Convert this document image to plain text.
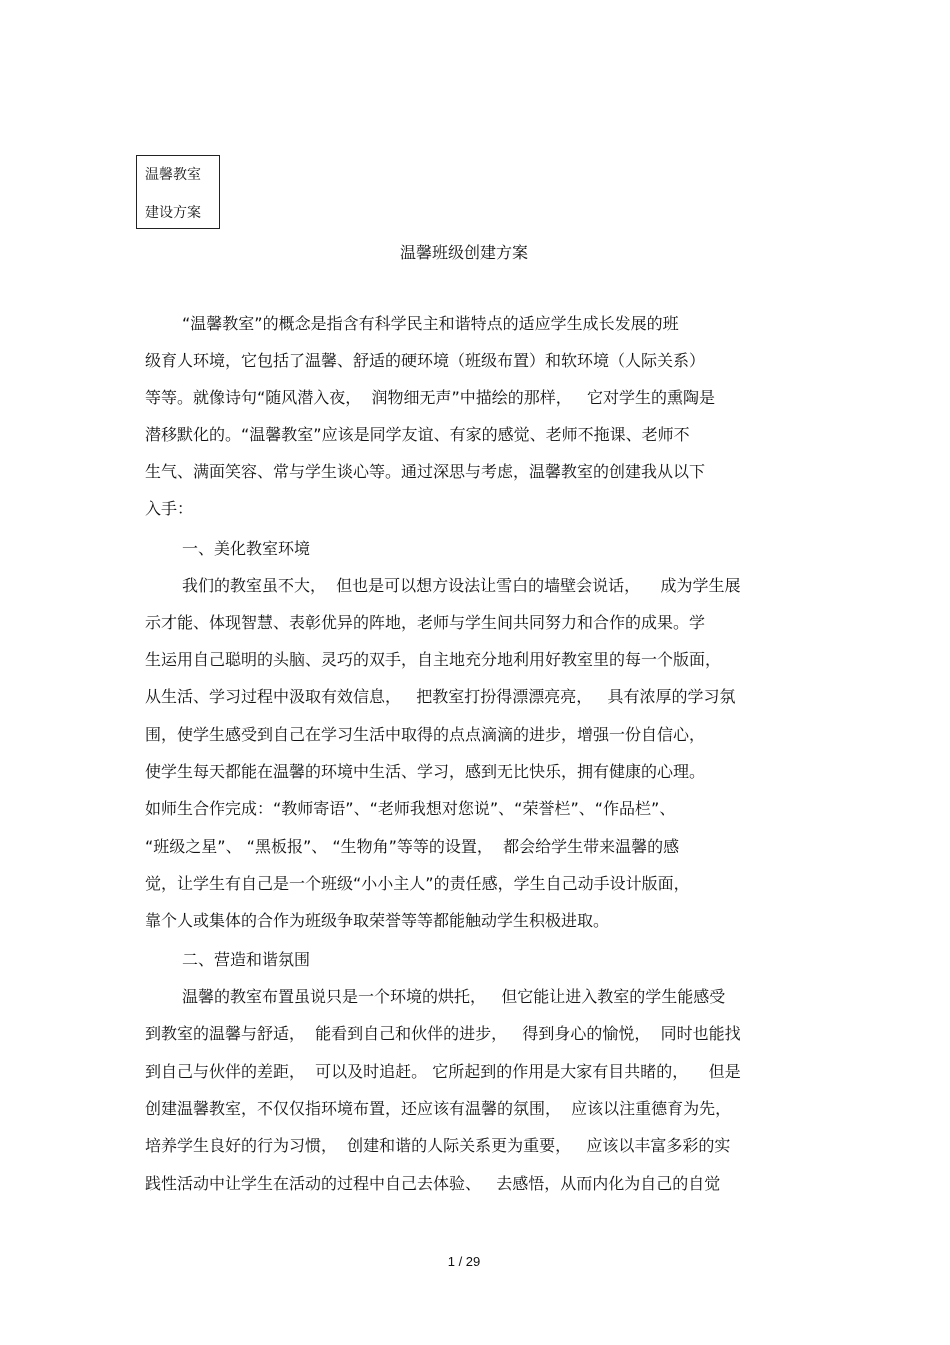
温馨教室
建设方案
温馨班级创建方案
“温馨教室”的概念是指含有科学民主和谐特点的适应学生成长发展的班
级育人环境，它包括了温馨、舒适的硬环境（班级布置）和软环境（人际关系）
等等。就像诗句“随风潜入夜，  润物细无声”中描绘的那样，   它对学生的熏陶是
潜移默化的。“温馨教室”应该是同学友谊、有家的感觉、老师不拖课、老师不
生气、满面笑容、常与学生谈心等。通过深思与考虑，温馨教室的创建我从以下
入手：
一、美化教室环境
我们的教室虽不大，  但也是可以想方设法让雪白的墙壁会说话，    成为学生展
示才能、体现智慧、表彰优异的阵地，老师与学生间共同努力和合作的成果。学
生运用自己聪明的头脑、灵巧的双手，自主地充分地利用好教室里的每一个版面，
从生活、学习过程中汲取有效信息，   把教室打扮得漂漂亮亮，   具有浓厚的学习氛
围，使学生感受到自己在学习生活中取得的点点滴滴的进步，增强一份自信心，
使学生每天都能在温馨的环境中生活、学习，感到无比快乐，拥有健康的心理。
如师生合作完成：“教师寄语”、“老师我想对您说”、“荣誉栏”、“作品栏”、
“班级之星”、 “黑板报”、 “生物角”等等的设置，  都会给学生带来温馨的感
觉，让学生有自己是一个班级“小小主人”的责任感，学生自己动手设计版面，
靠个人或集体的合作为班级争取荣誉等等都能触动学生积极进取。
二、营造和谐氛围
温馨的教室布置虽说只是一个环境的烘托，   但它能让进入教室的学生能感受
到教室的温馨与舒适，  能看到自己和伙伴的进步，   得到身心的愉悦，  同时也能找
到自己与伙伴的差距，  可以及时追赶。 它所起到的作用是大家有目共睹的，    但是
创建温馨教室，不仅仅指环境布置，还应该有温馨的氛围，  应该以注重德育为先，
培养学生良好的行为习惯，  创建和谐的人际关系更为重要，   应该以丰富多彩的实
践性活动中让学生在活动的过程中自己去体验、   去感悟，从而内化为自己的自觉
1 / 29
